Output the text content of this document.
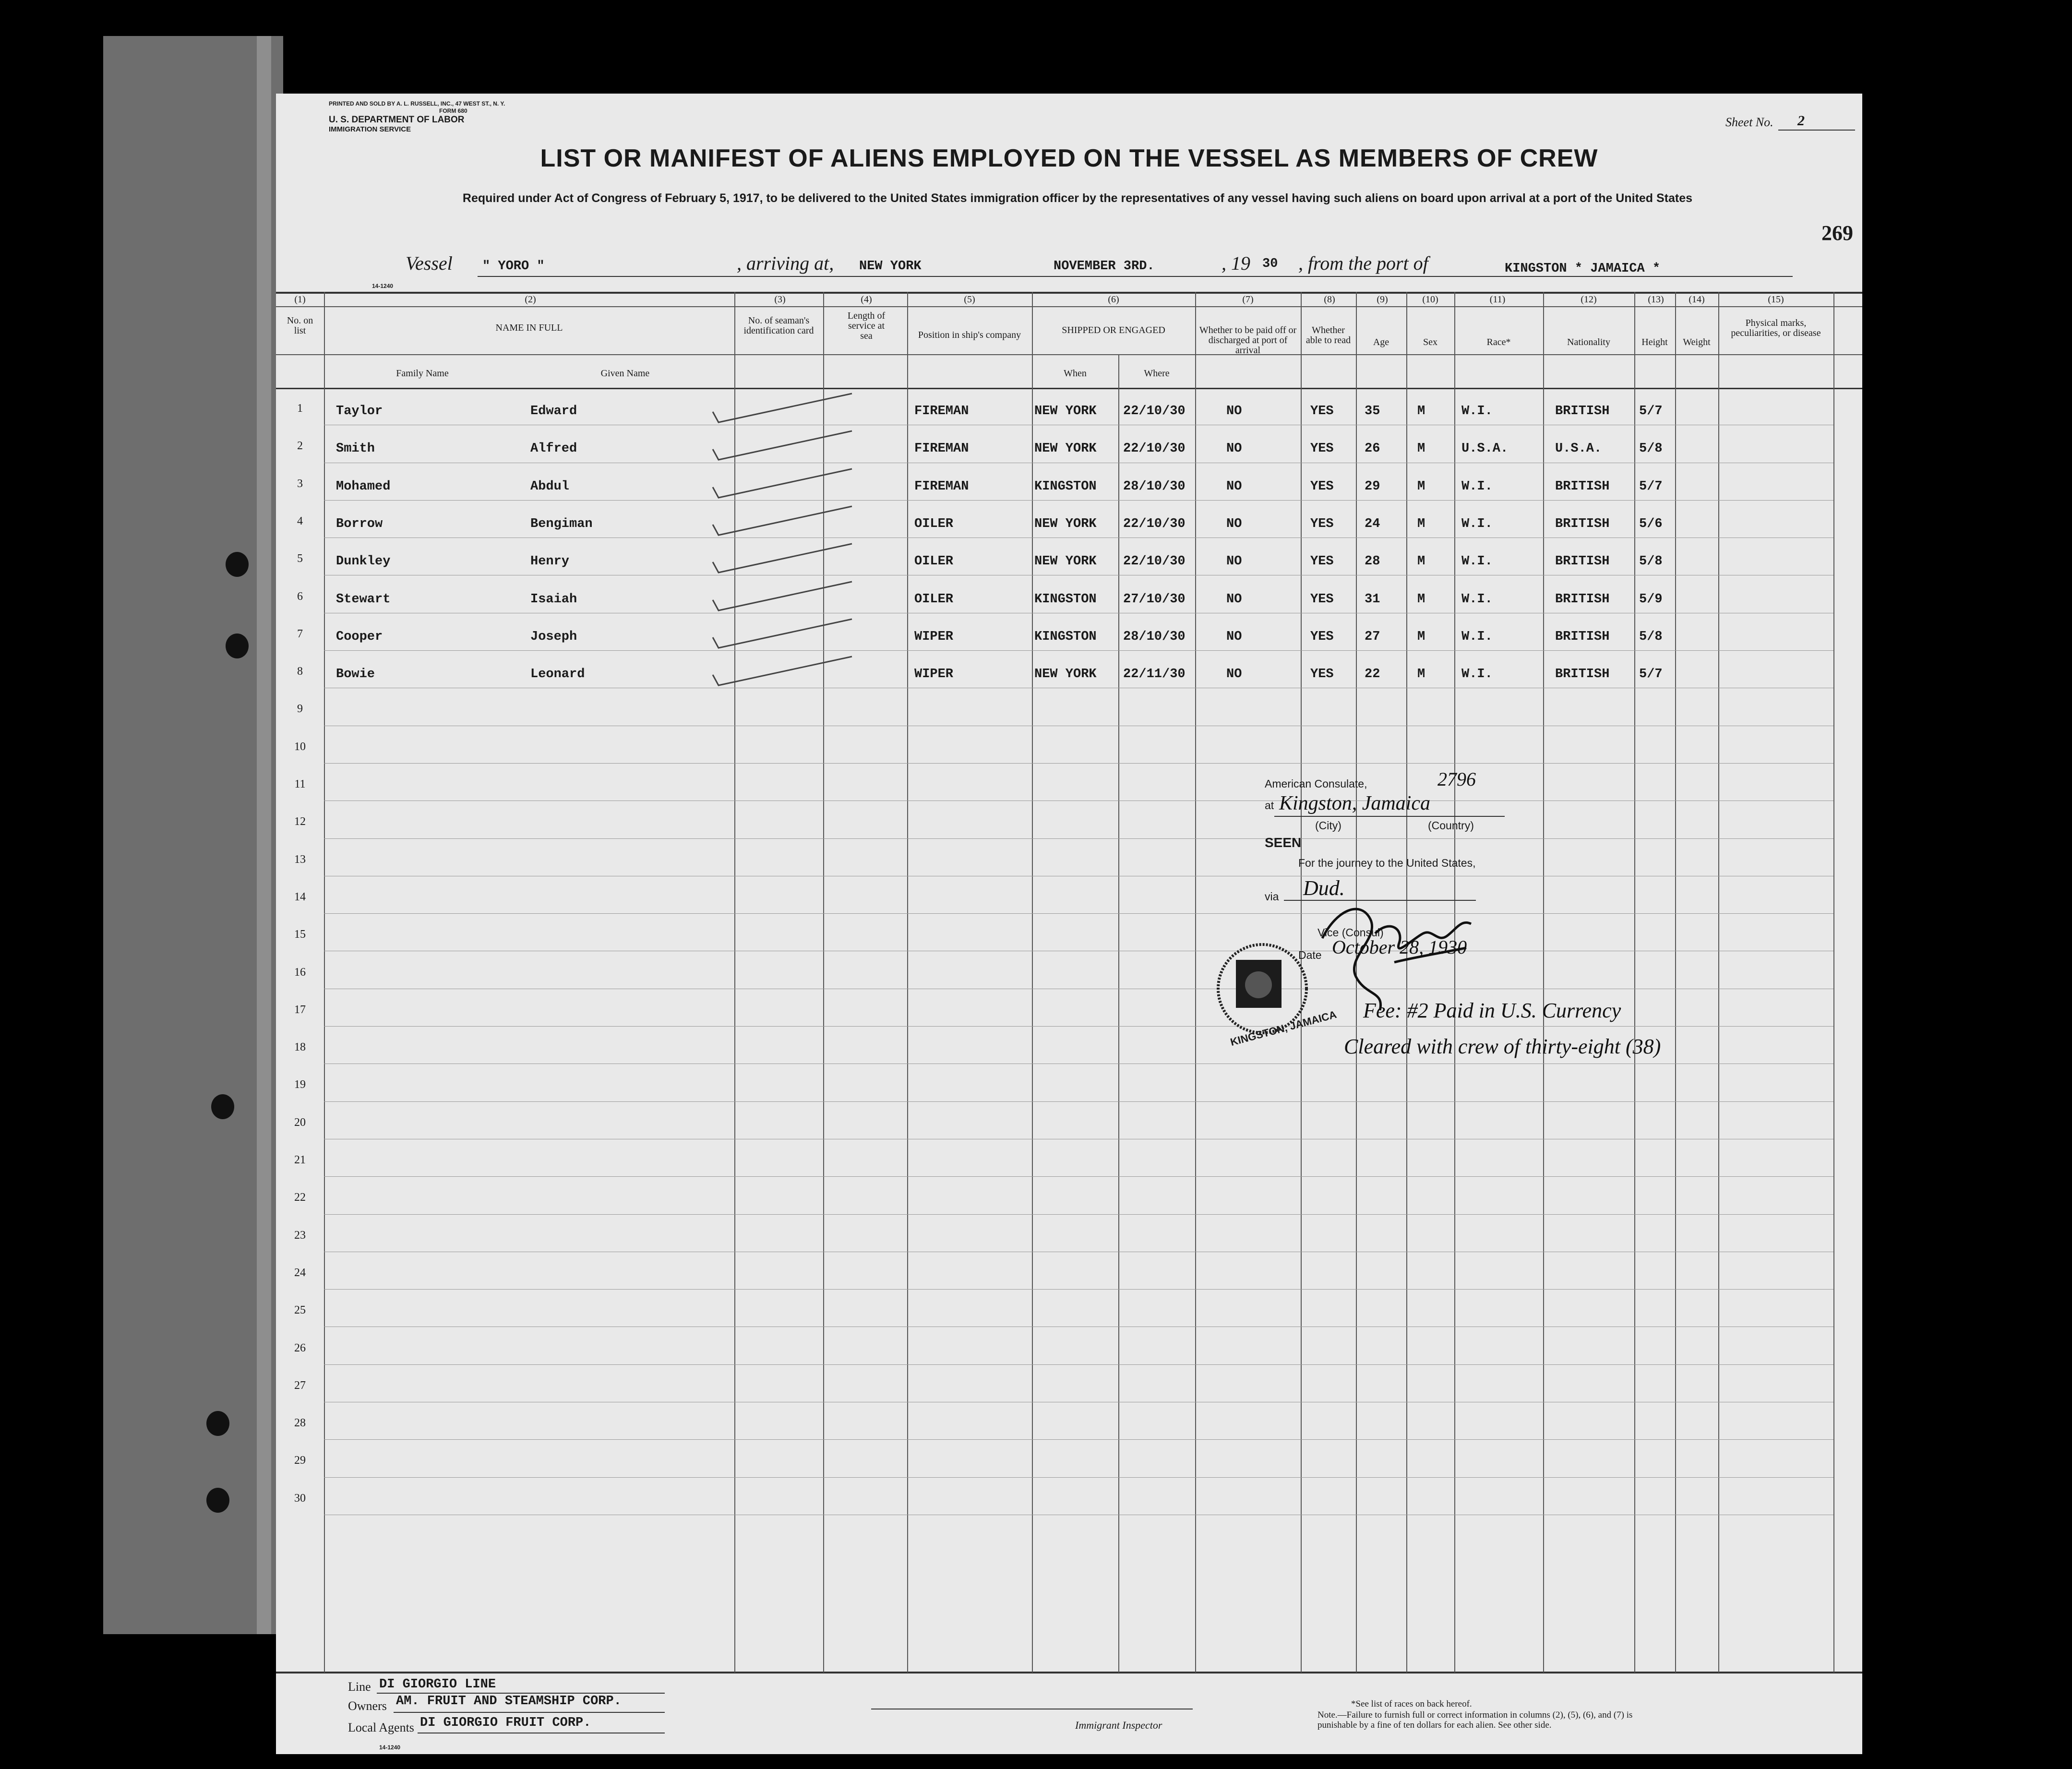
PRINTED AND SOLD BY A. L. RUSSELL, INC., 47 WEST ST., N. Y.
FORM 680
U. S. DEPARTMENT OF LABOR
IMMIGRATION SERVICE
Sheet No. 2
LIST OR MANIFEST OF ALIENS EMPLOYED ON THE VESSEL AS MEMBERS OF CREW
Required under Act of Congress of February 5, 1917, to be delivered to the United States immigration officer by the representatives of any vessel having such aliens on board upon arrival at a port of the United States
269
Vessel " YORO "	, arriving at, NEW YORK	NOVEMBER 3RD.	, 19 30 , from the port of	KINGSTON * JAMAICA *
14-1240
(1)	(2)	(3)	(4)	(5)	(6)	(7)	(8)	(9)	(10)	(11)	(12)	(13)	(14)	(15)
No. on list	NAME IN FULL
Family Name	Given Name
No. of seaman's identification card
Length of service at sea	Position in ship's company	SHIPPED OR ENGAGED
When	Where
Whether to be paid off or discharged at port of arrival
Whether able to read	Age	Sex	Race*	Nationality	Height	Weight
Physical marks, peculiarities, or disease
1	Taylor	Edward	FIREMAN	NEW YORK 22/10/30	NO	YES 35	M	W.I.	BRITISH 5/7
2	Smith	Alfred	FIREMAN	NEW YORK 22/10/30	NO	YES 26	M	U.S.A.	U.S.A.	5/8
3	Mohamed	Abdul	FIREMAN	KINGSTON 28/10/30	NO	YES 29	M	W.I.	BRITISH 5/7
4	Borrow	Bengiman	OILER	NEW YORK 22/10/30	NO	YES 24	M	W.I.	BRITISH 5/6
5	Dunkley	Henry	OILER	NEW YORK 22/10/30	NO	YES 28	M	W.I.	BRITISH 5/8
6	Stewart	Isaiah	OILER	KINGSTON 27/10/30	NO	YES 31	M	W.I.	BRITISH 5/9
7	Cooper	Joseph	WIPER	KINGSTON 28/10/30	NO	YES 27	M	W.I.	BRITISH 5/8
8	Bowie	Leonard	WIPER	NEW YORK 22/11/30	NO	YES 22	M	W.I.	BRITISH 5/7
9
10
11
12
13
14
15
16
17
18
19
20
21
22
23
24
25
26
27
28
29
30
American Consulate,
at
2796
Kingston, Jamaica
(City)	(Country)
SEEN
For the journey to the United States,
via Dud.
Vice (Consul)
Date October 28, 1930
KINGSTON, JAMAICA Fee: #2 Paid in U.S. Currency
Cleared with crew of thirty-eight (38)
Line DI GIORGIO LINE
Owners AM. FRUIT AND STEAMSHIP CORP.
Local Agents DI GIORGIO FRUIT CORP.
14-1240
Immigrant Inspector
*See list of races on back hereof.
Note.—Failure to furnish full or correct information in columns (2), (5), (6), and (7) is punishable by a fine of ten dollars for each alien. See other side.
